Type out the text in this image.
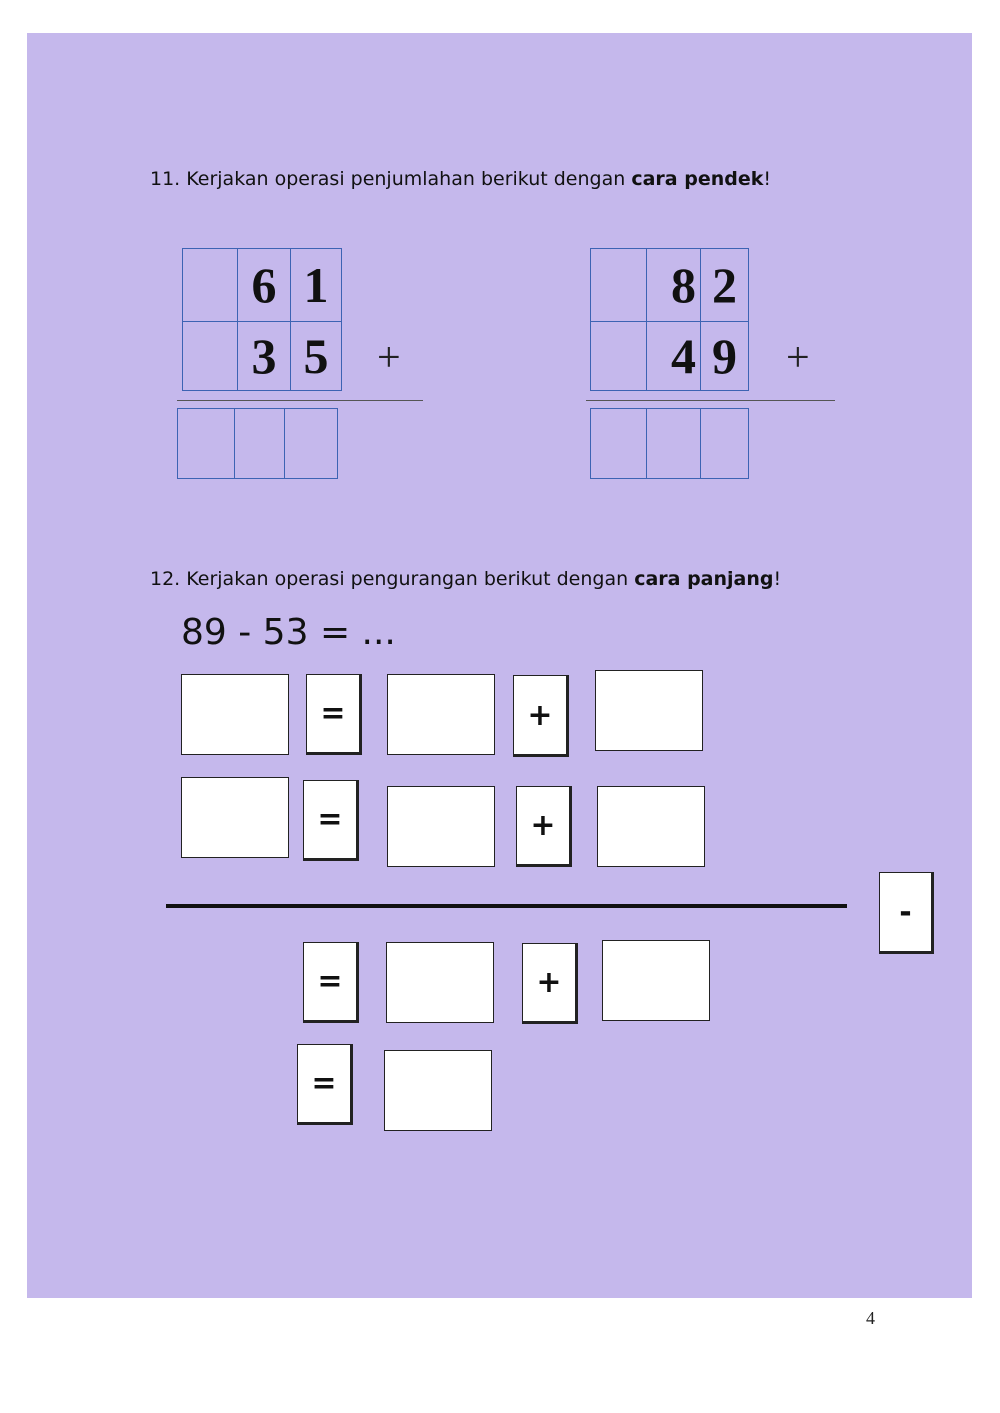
11. Kerjakan operasi penjumlahan berikut dengan cara pendek!
6 1
3 5	+
8 2
4 9 +
12. Kerjakan operasi pengurangan berikut dengan cara panjang!
89 - 53 = ...
=	+
=	+
-
=	+
=
4
